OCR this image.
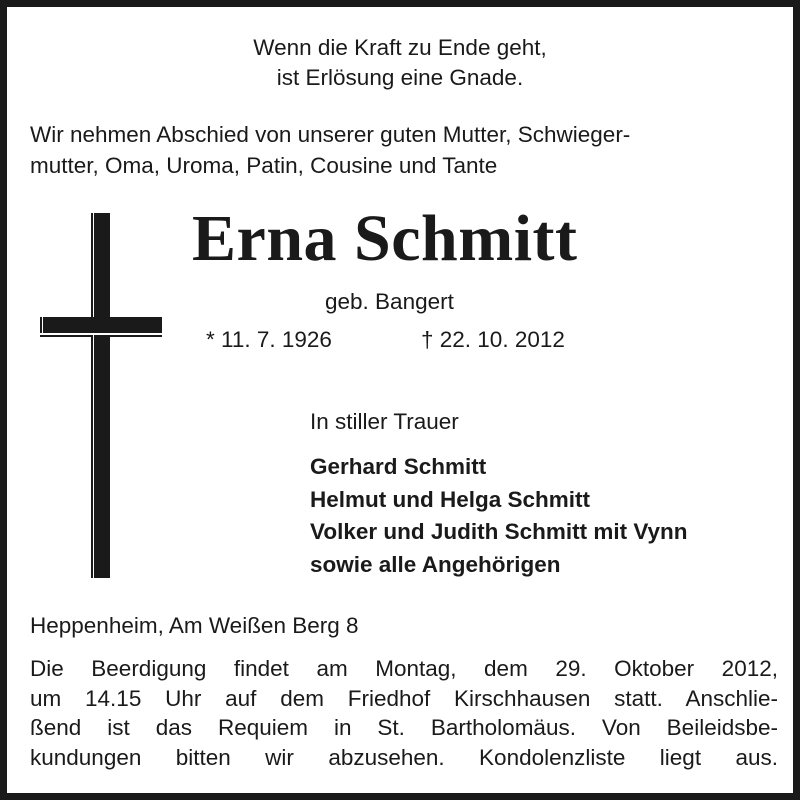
Wenn die Kraft zu Ende geht,
ist Erlösung eine Gnade.
Wir nehmen Abschied von unserer guten Mutter, Schwieger-
mutter, Oma, Uroma, Patin, Cousine und Tante
Erna Schmitt
geb. Bangert
* 11. 7. 1926	† 22. 10. 2012
In stiller Trauer
Gerhard Schmitt
Helmut und Helga Schmitt
Volker und Judith Schmitt mit Vynn
sowie alle Angehörigen
Heppenheim, Am Weißen Berg 8
Die Beerdigung findet am Montag, dem 29. Oktober 2012,
um 14.15 Uhr auf dem Friedhof Kirschhausen statt. Anschlie-
ßend ist das Requiem in St. Bartholomäus. Von Beileidsbe-
kundungen bitten wir abzusehen. Kondolenzliste liegt aus.
